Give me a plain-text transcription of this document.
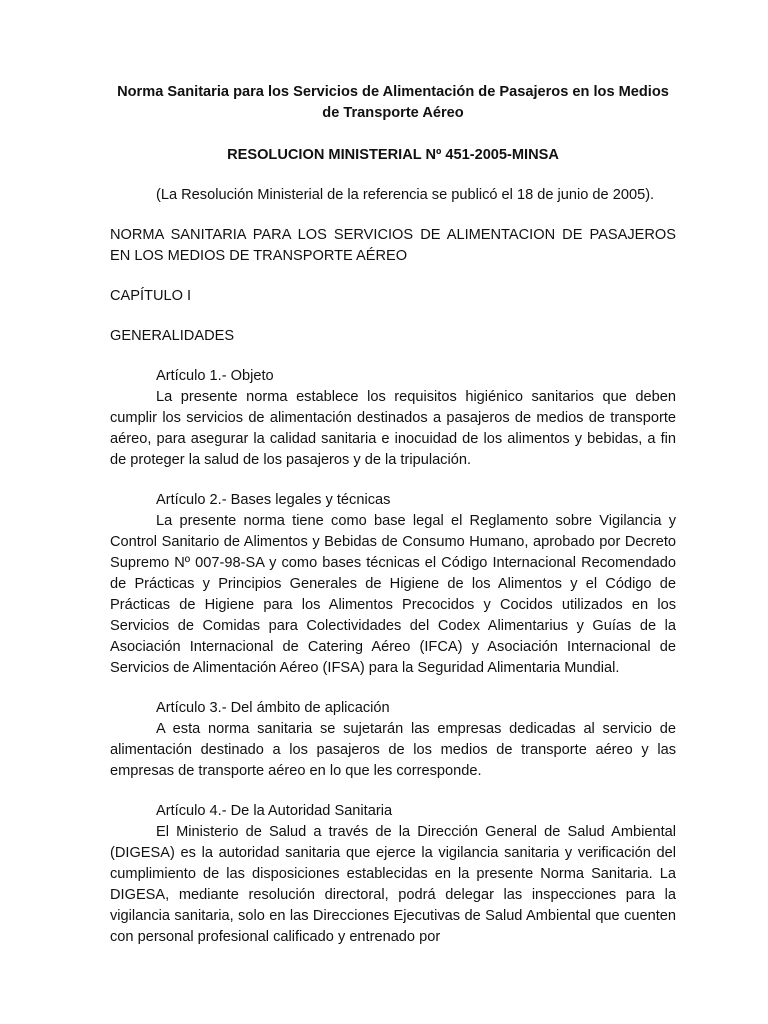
Norma Sanitaria para los Servicios de Alimentación de Pasajeros en los Medios de Transporte Aéreo

RESOLUCION MINISTERIAL Nº 451-2005-MINSA

(La Resolución Ministerial de la referencia se publicó el 18 de junio de 2005).

NORMA SANITARIA PARA LOS SERVICIOS DE ALIMENTACION DE PASAJEROS EN LOS MEDIOS DE TRANSPORTE AÉREO

CAPÍTULO I

GENERALIDADES

Artículo 1.- Objeto

La presente norma establece los requisitos higiénico sanitarios que deben cumplir los servicios de alimentación destinados a pasajeros de medios de transporte aéreo, para asegurar la calidad sanitaria e inocuidad de los alimentos y bebidas, a fin de proteger la salud de los pasajeros y de la tripulación.

Artículo 2.- Bases legales y técnicas

La presente norma tiene como base legal el Reglamento sobre Vigilancia y Control Sanitario de Alimentos y Bebidas de Consumo Humano, aprobado por Decreto Supremo Nº 007-98-SA y como bases técnicas el Código Internacional Recomendado de Prácticas y Principios Generales de Higiene de los Alimentos y el Código de Prácticas de Higiene para los Alimentos Precocidos y Cocidos utilizados en los Servicios de Comidas para Colectividades del Codex Alimentarius y Guías de la Asociación Internacional de Catering Aéreo (IFCA) y Asociación Internacional de Servicios de Alimentación Aéreo (IFSA) para la Seguridad Alimentaria Mundial.

Artículo 3.- Del ámbito de aplicación

A esta norma sanitaria se sujetarán las empresas dedicadas al servicio de alimentación destinado a los pasajeros de los medios de transporte aéreo y las empresas de transporte aéreo en lo que les corresponde.

Artículo 4.- De la Autoridad Sanitaria

El Ministerio de Salud a través de la Dirección General de Salud Ambiental (DIGESA) es la autoridad sanitaria que ejerce la vigilancia sanitaria y verificación del cumplimiento de las disposiciones establecidas en la presente Norma Sanitaria. La DIGESA, mediante resolución directoral, podrá delegar las inspecciones para la vigilancia sanitaria, solo en las Direcciones Ejecutivas de Salud Ambiental que cuenten con personal profesional calificado y entrenado por
